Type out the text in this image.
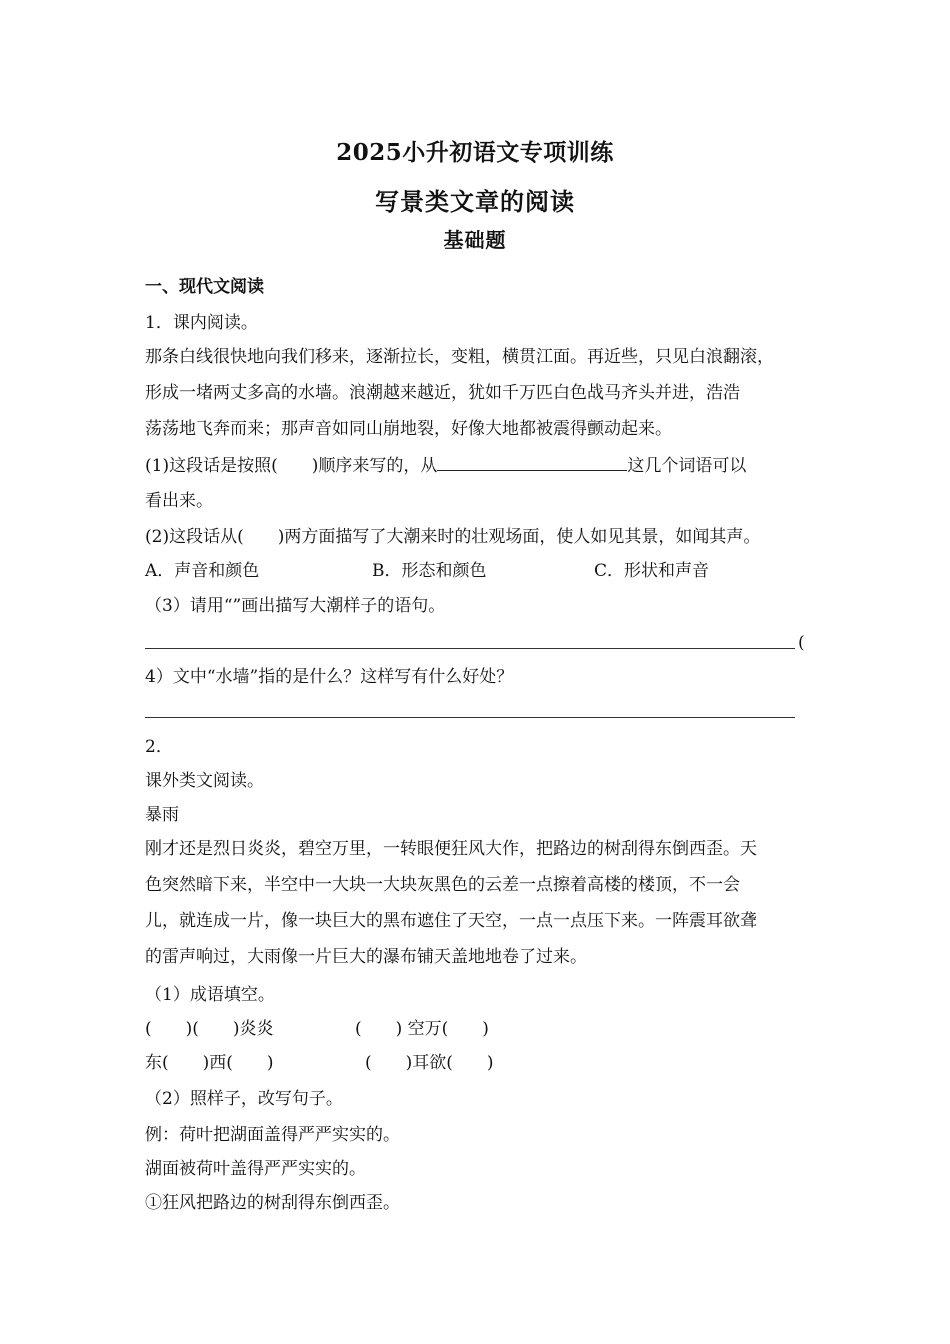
2025小升初语文专项训练
写景类文章的阅读
基础题
一、现代文阅读
1．课内阅读。
那条白线很快地向我们移来，逐渐拉长，变粗，横贯江面。再近些，只见白浪翻滚，
形成一堵两丈多高的水墙。浪潮越来越近，犹如千万匹白色战马齐头并进，浩浩
荡荡地飞奔而来；那声音如同山崩地裂，好像大地都被震得颤动起来。
(1)这段话是按照(　　)顺序来写的，从	这几个词语可以
看出来。
(2)这段话从(　　)两方面描写了大潮来时的壮观场面，使人如见其景，如闻其声。
A．声音和颜色	B．形态和颜色	C．形状和声音
（3）请用“”画出描写大潮样子的语句。
(
4）文中“水墙”指的是什么？这样写有什么好处？
2．
课外类文阅读。
暴雨
刚才还是烈日炎炎，碧空万里，一转眼便狂风大作，把路边的树刮得东倒西歪。天
色突然暗下来，半空中一大块一大块灰黑色的云差一点擦着高楼的楼顶，不一会
儿，就连成一片，像一块巨大的黑布遮住了天空，一点一点压下来。一阵震耳欲聋
的雷声响过，大雨像一片巨大的瀑布铺天盖地地卷了过来。
（1）成语填空。
(　　)(　　)炎炎	(　　) 空万(　　)
东(　　)西(　　)	(　　)耳欲(　　)
（2）照样子，改写句子。
例：荷叶把湖面盖得严严实实的。
湖面被荷叶盖得严严实实的。
①狂风把路边的树刮得东倒西歪。
